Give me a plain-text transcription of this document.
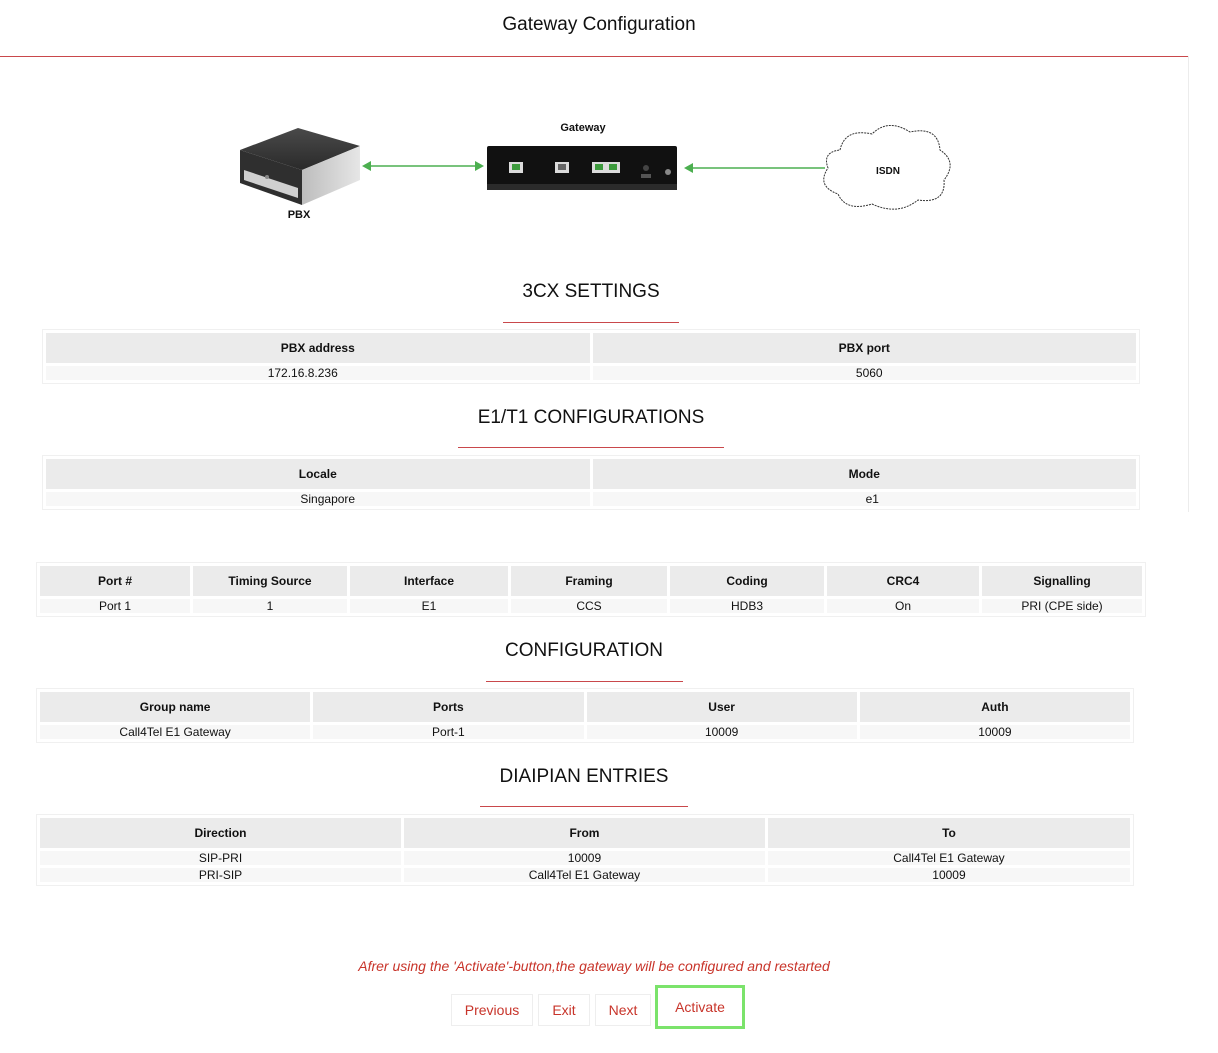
Gateway Configuration
PBX
Gateway
ISDN
3CX SETTINGS
PBX address	PBX port
172.16.8.236	5060
E1/T1 CONFIGURATIONS
Locale	Mode
Singapore	e1
Port #	Timing Source	Interface	Framing	Coding	CRC4	Signalling
Port 1	1	E1	CCS	HDB3	On	PRI (CPE side)
CONFIGURATION
Group name	Ports	User	Auth
Call4Tel E1 Gateway	Port-1	10009	10009
DIAIPIAN ENTRIES
Direction	From	To
SIP-PRI	10009	Call4Tel E1 Gateway
PRI-SIP	Call4Tel E1 Gateway	10009
Afrer using the 'Activate'-button,the gateway will be configured and restarted
Previous	Exit	Next	Activate
